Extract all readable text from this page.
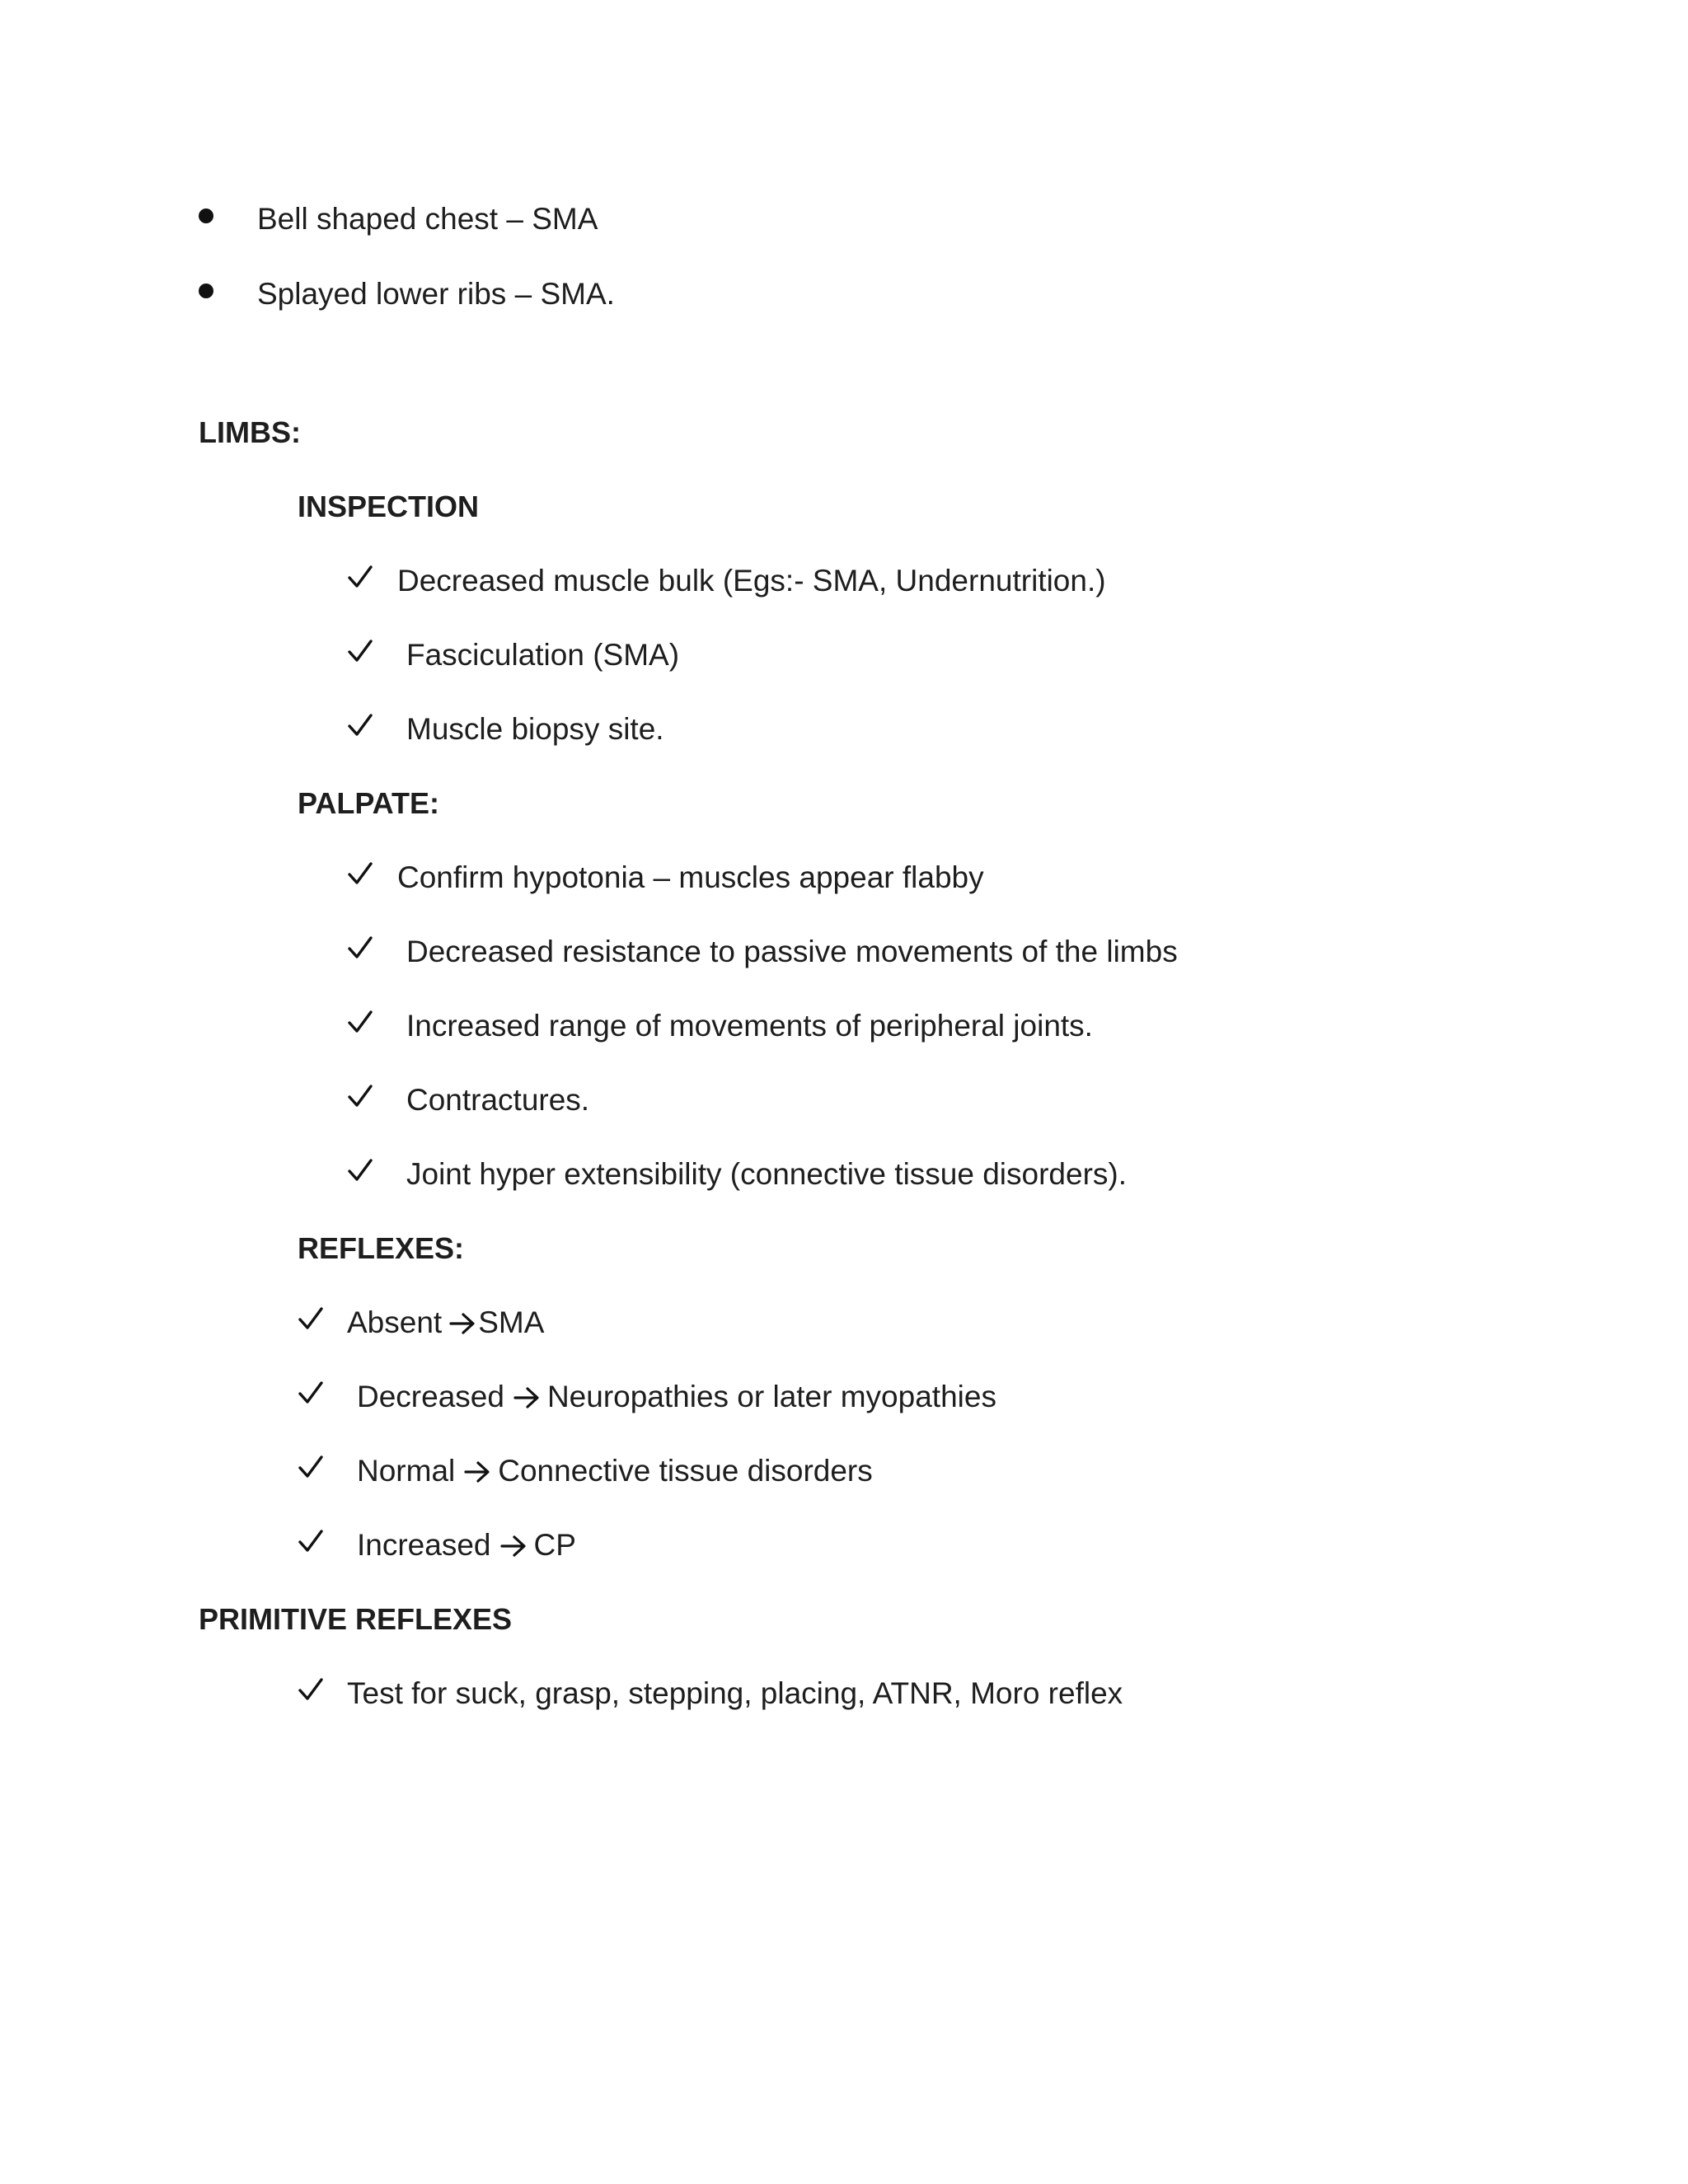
Bell shaped chest – SMA
Splayed lower ribs – SMA.
LIMBS:
INSPECTION
Decreased muscle bulk (Egs:- SMA, Undernutrition.)
Fasciculation (SMA)
Muscle biopsy site.
PALPATE:
Confirm hypotonia – muscles appear flabby
Decreased resistance to passive movements of the limbs
Increased range of movements of peripheral joints.
Contractures.
Joint hyper extensibility (connective tissue disorders).
REFLEXES:
Absent SMA
Decreased Neuropathies or later myopathies
Normal Connective tissue disorders
Increased CP
PRIMITIVE REFLEXES
Test for suck, grasp, stepping, placing, ATNR, Moro reflex
